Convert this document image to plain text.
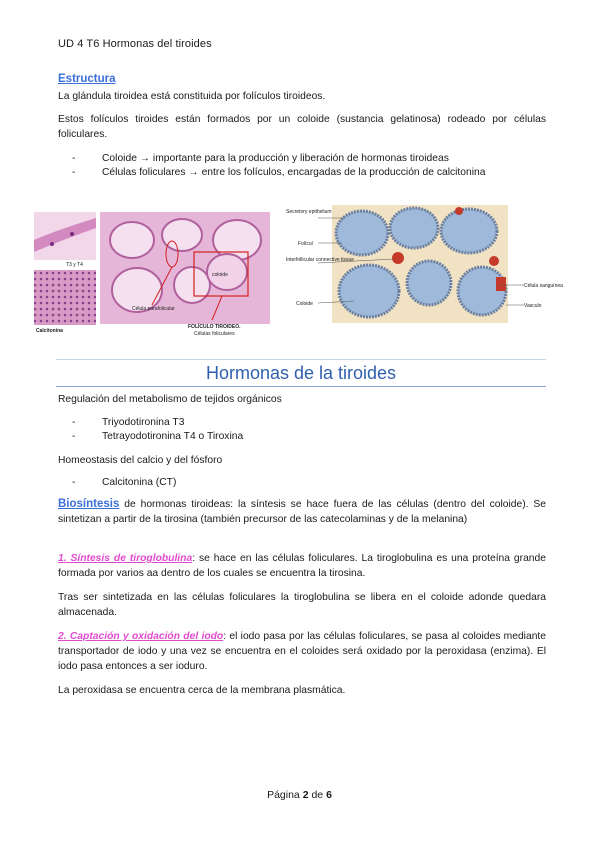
UD 4 T6 Hormonas del tiroides
Estructura
La glándula tiroidea está constituida por folículos tiroideos.
Estos folículos tiroides están formados por un coloide (sustancia gelatinosa) rodeado por células foliculares.
-	Coloide → importante para la producción y liberación de hormonas tiroideas
-	Células foliculares → entre los folículos, encargadas de la producción de calcitonina
coloide
Célula parafolicular
T3 y T4
Calcitonina
FOLÍCULO TIROIDEO.
Células foliculares
Secretory epithelium
Folícul
Interfollicular connective tissue
Coloide
Célula sanguínea
Vasculo
Hormonas de la tiroides
Regulación del metabolismo de tejidos orgánicos
-	Triyodotironina T3
-	Tetrayodotironina T4 o Tiroxina
Homeostasis del calcio y del fósforo
-	Calcitonina (CT)
Biosíntesis de hormonas tiroideas: la síntesis se hace fuera de las células (dentro del coloide). Se sintetizan a partir de la tirosina (también precursor de las catecolaminas y de la melanina)
1. Síntesis de tiroglobulina: se hace en las células foliculares. La tiroglobulina es una proteína grande formada por varios aa dentro de los cuales se encuentra la tirosina.
Tras ser sintetizada en las células foliculares la tiroglobulina se libera en el coloide adonde quedara almacenada.
2. Captación y oxidación del iodo: el iodo pasa por las células foliculares, se pasa al coloides mediante transportador de iodo y una vez se encuentra en el coloides será oxidado por la peroxidasa (enzima). El iodo pasa entonces a ser ioduro.
La peroxidasa se encuentra cerca de la membrana plasmática.
Página 2 de 6
